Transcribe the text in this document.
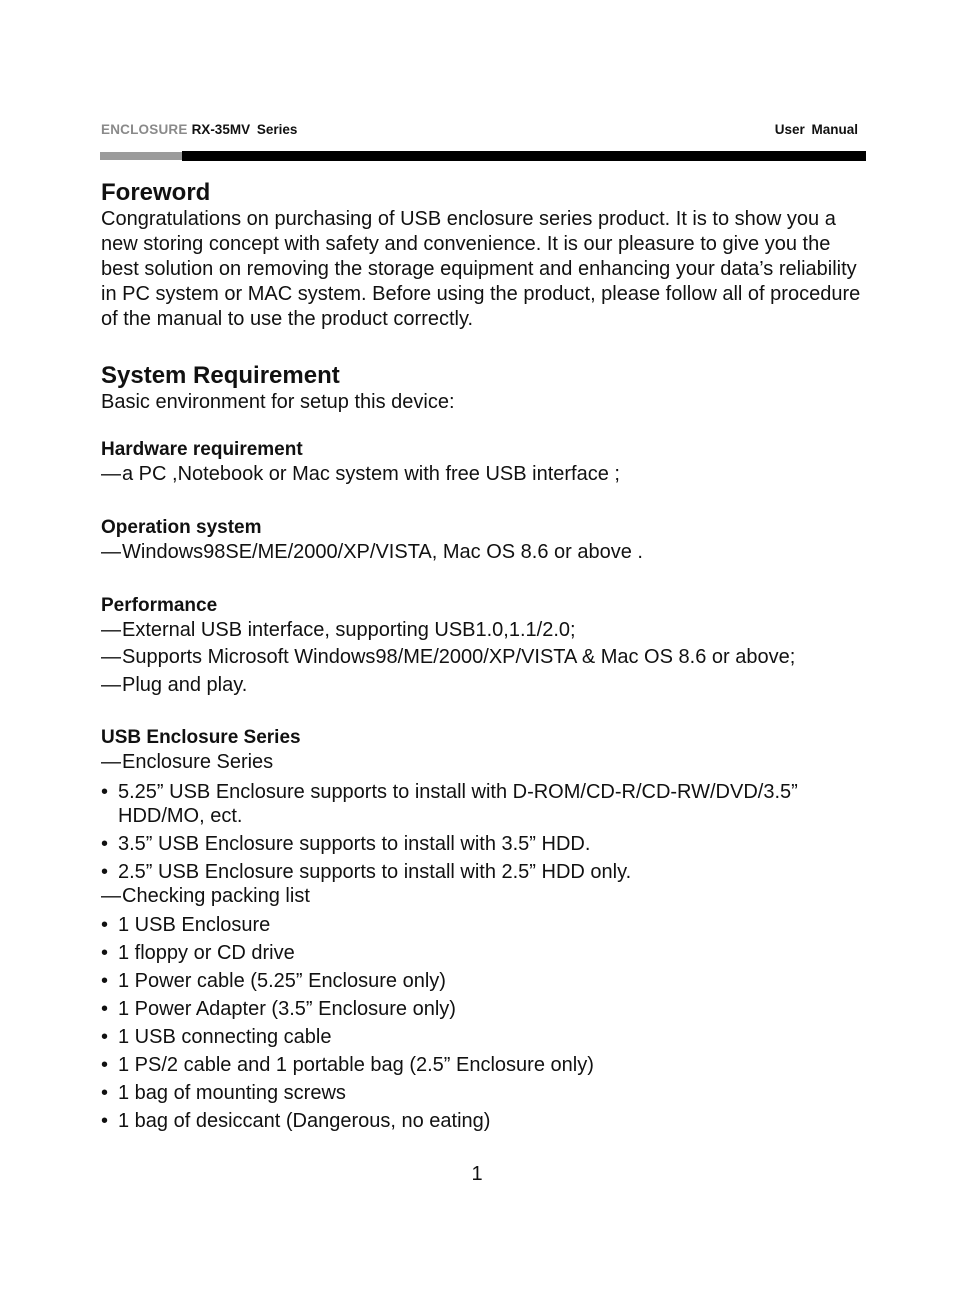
ENCLOSURE RX-35MV Series	User Manual
Foreword

Congratulations on purchasing of USB enclosure series product. It is to show you a new storing concept with safety and convenience. It is our pleasure to give you the best solution on removing the storage equipment and enhancing your data’s reliability in PC system or MAC system. Before using the product, please follow all of procedure of the manual to use the product correctly.

System Requirement

Basic environment for setup this device:

Hardware requirement
—a PC ,Notebook or Mac system with free USB interface ;
Operation system
—Windows98SE/ME/2000/XP/VISTA, Mac OS 8.6 or above .
Performance
—External USB interface, supporting USB1.0,1.1/2.0;
—Supports Microsoft Windows98/ME/2000/XP/VISTA & Mac OS 8.6 or above;
—Plug and play.
USB Enclosure Series
—Enclosure Series
• 5.25” USB Enclosure supports to install with D-ROM/CD-R/CD-RW/DVD/3.5” HDD/MO, ect.
• 3.5” USB Enclosure supports to install with 3.5” HDD.
• 2.5” USB Enclosure supports to install with 2.5” HDD only.
—Checking packing list
• 1 USB Enclosure
• 1 floppy or CD drive
• 1 Power cable (5.25” Enclosure only)
• 1 Power Adapter (3.5” Enclosure only)
• 1 USB connecting cable
• 1 PS/2 cable and 1 portable bag (2.5” Enclosure only)
• 1 bag of mounting screws
• 1 bag of desiccant (Dangerous, no eating)
1
